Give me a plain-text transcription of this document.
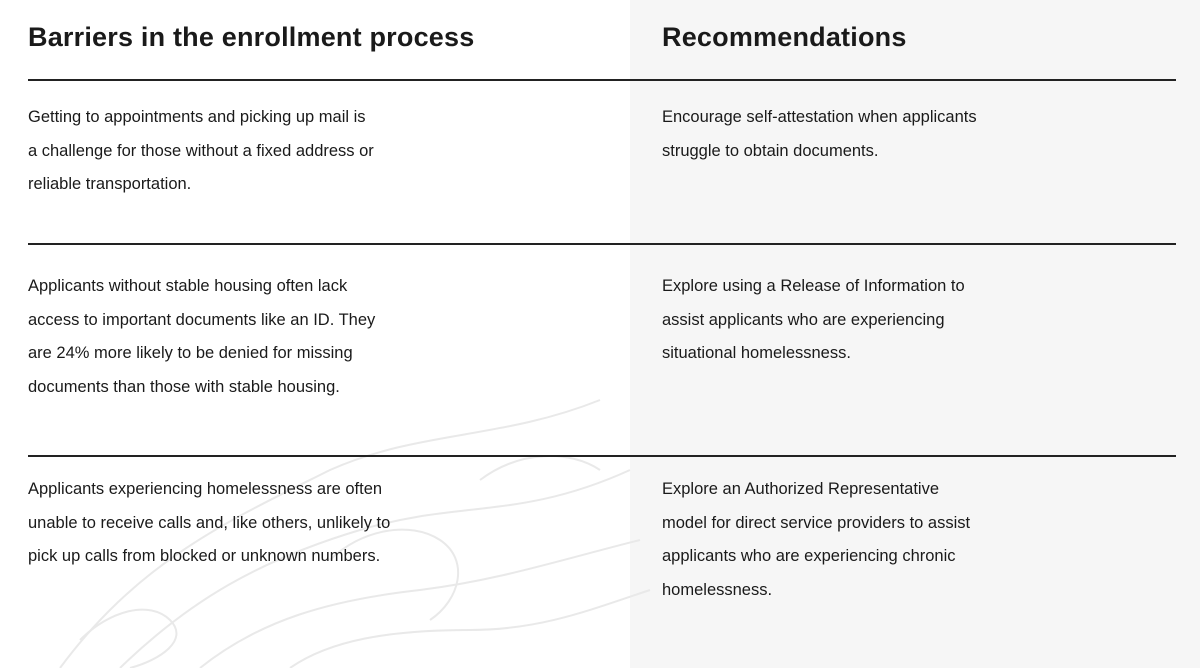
Barriers in the enrollment process	Recommendations
Getting to appointments and picking up mail is
a challenge for those without a fixed address or
reliable transportation.
Encourage self-attestation when applicants
struggle to obtain documents.
Applicants without stable housing often lack
access to important documents like an ID. They
are 24% more likely to be denied for missing
documents than those with stable housing.
Explore using a Release of Information to
assist applicants who are experiencing
situational homelessness.
Applicants experiencing homelessness are often
unable to receive calls and, like others, unlikely to
pick up calls from blocked or unknown numbers.
Explore an Authorized Representative
model for direct service providers to assist
applicants who are experiencing chronic
homelessness.
